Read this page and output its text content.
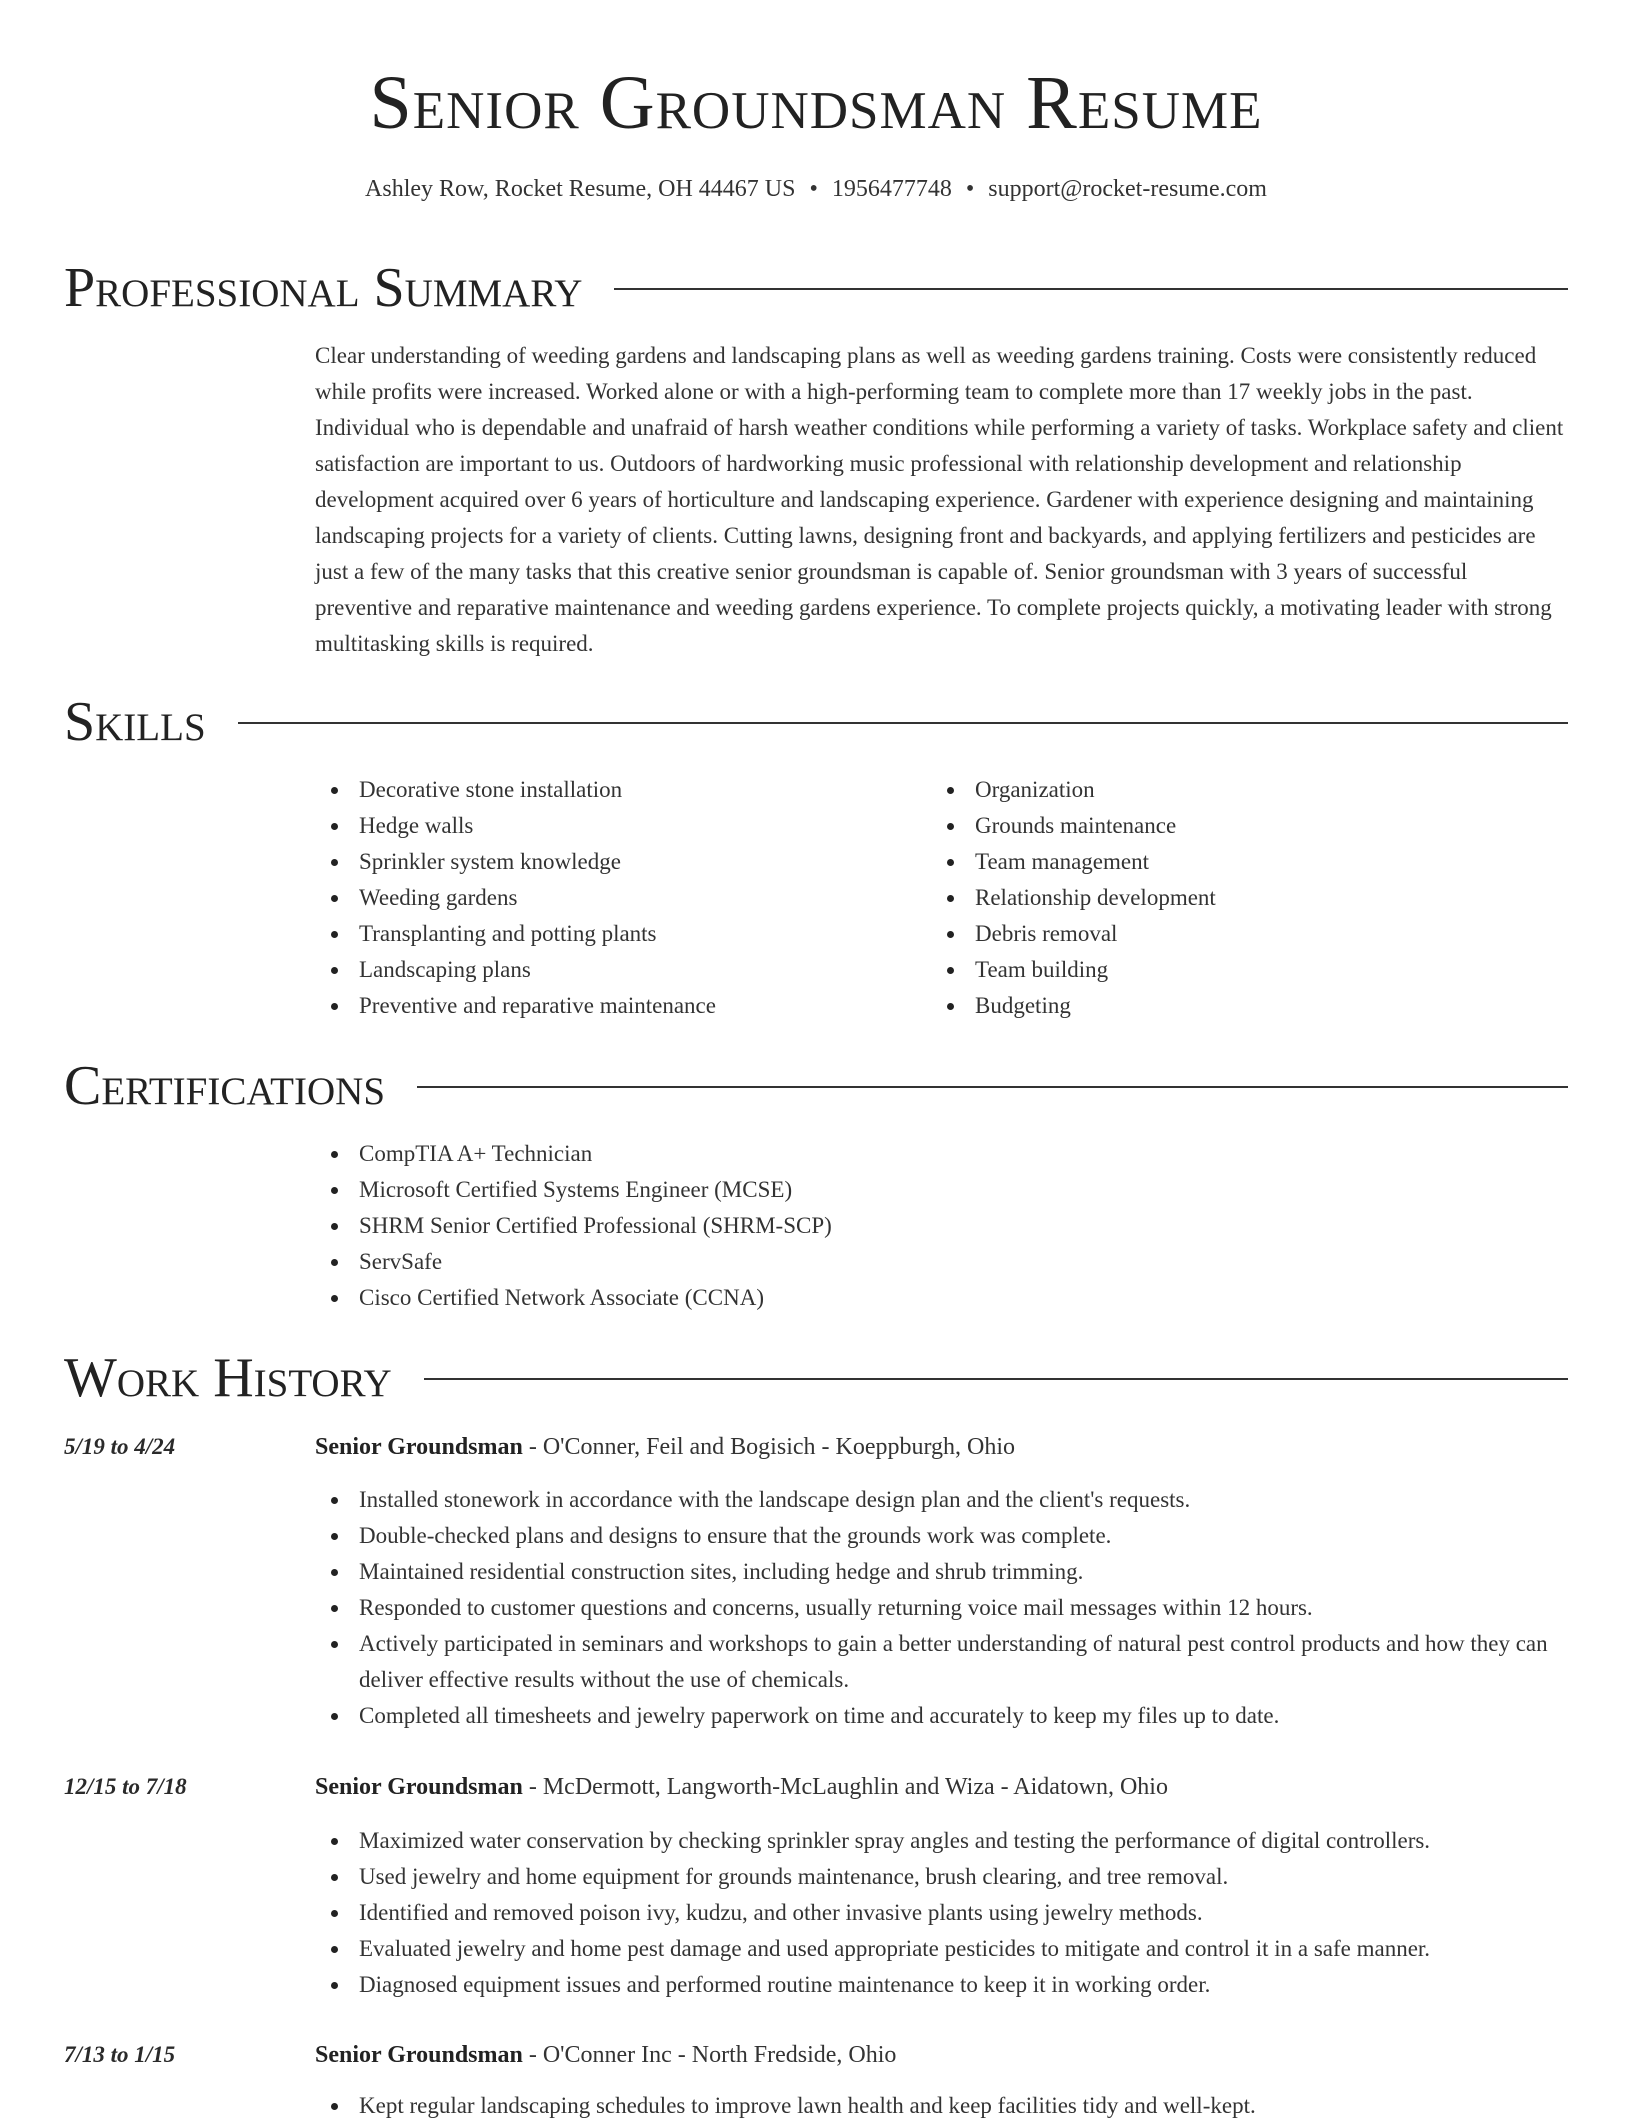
Senior Groundsman Resume
Ashley Row, Rocket Resume, OH 44467 US • 1956477748 • support@rocket-resume.com
Professional Summary
Clear understanding of weeding gardens and landscaping plans as well as weeding gardens training. Costs were consistently reduced while profits were increased. Worked alone or with a high-performing team to complete more than 17 weekly jobs in the past. Individual who is dependable and unafraid of harsh weather conditions while performing a variety of tasks. Workplace safety and client satisfaction are important to us. Outdoors of hardworking music professional with relationship development and relationship development acquired over 6 years of horticulture and landscaping experience. Gardener with experience designing and maintaining landscaping projects for a variety of clients. Cutting lawns, designing front and backyards, and applying fertilizers and pesticides are just a few of the many tasks that this creative senior groundsman is capable of. Senior groundsman with 3 years of successful preventive and reparative maintenance and weeding gardens experience. To complete projects quickly, a motivating leader with strong multitasking skills is required.
Skills
Decorative stone installation
Hedge walls
Sprinkler system knowledge
Weeding gardens
Transplanting and potting plants
Landscaping plans
Preventive and reparative maintenance
Organization
Grounds maintenance
Team management
Relationship development
Debris removal
Team building
Budgeting
Certifications
CompTIA A+ Technician
Microsoft Certified Systems Engineer (MCSE)
SHRM Senior Certified Professional (SHRM-SCP)
ServSafe
Cisco Certified Network Associate (CCNA)
Work History
5/19 to 4/24	Senior Groundsman - O'Conner, Feil and Bogisich - Koeppburgh, Ohio
Installed stonework in accordance with the landscape design plan and the client's requests.
Double-checked plans and designs to ensure that the grounds work was complete.
Maintained residential construction sites, including hedge and shrub trimming.
Responded to customer questions and concerns, usually returning voice mail messages within 12 hours.
Actively participated in seminars and workshops to gain a better understanding of natural pest control products and how they can deliver effective results without the use of chemicals.
Completed all timesheets and jewelry paperwork on time and accurately to keep my files up to date.
12/15 to 7/18	Senior Groundsman - McDermott, Langworth-McLaughlin and Wiza - Aidatown, Ohio
Maximized water conservation by checking sprinkler spray angles and testing the performance of digital controllers.
Used jewelry and home equipment for grounds maintenance, brush clearing, and tree removal.
Identified and removed poison ivy, kudzu, and other invasive plants using jewelry methods.
Evaluated jewelry and home pest damage and used appropriate pesticides to mitigate and control it in a safe manner.
Diagnosed equipment issues and performed routine maintenance to keep it in working order.
7/13 to 1/15	Senior Groundsman - O'Conner Inc - North Fredside, Ohio
Kept regular landscaping schedules to improve lawn health and keep facilities tidy and well-kept.
